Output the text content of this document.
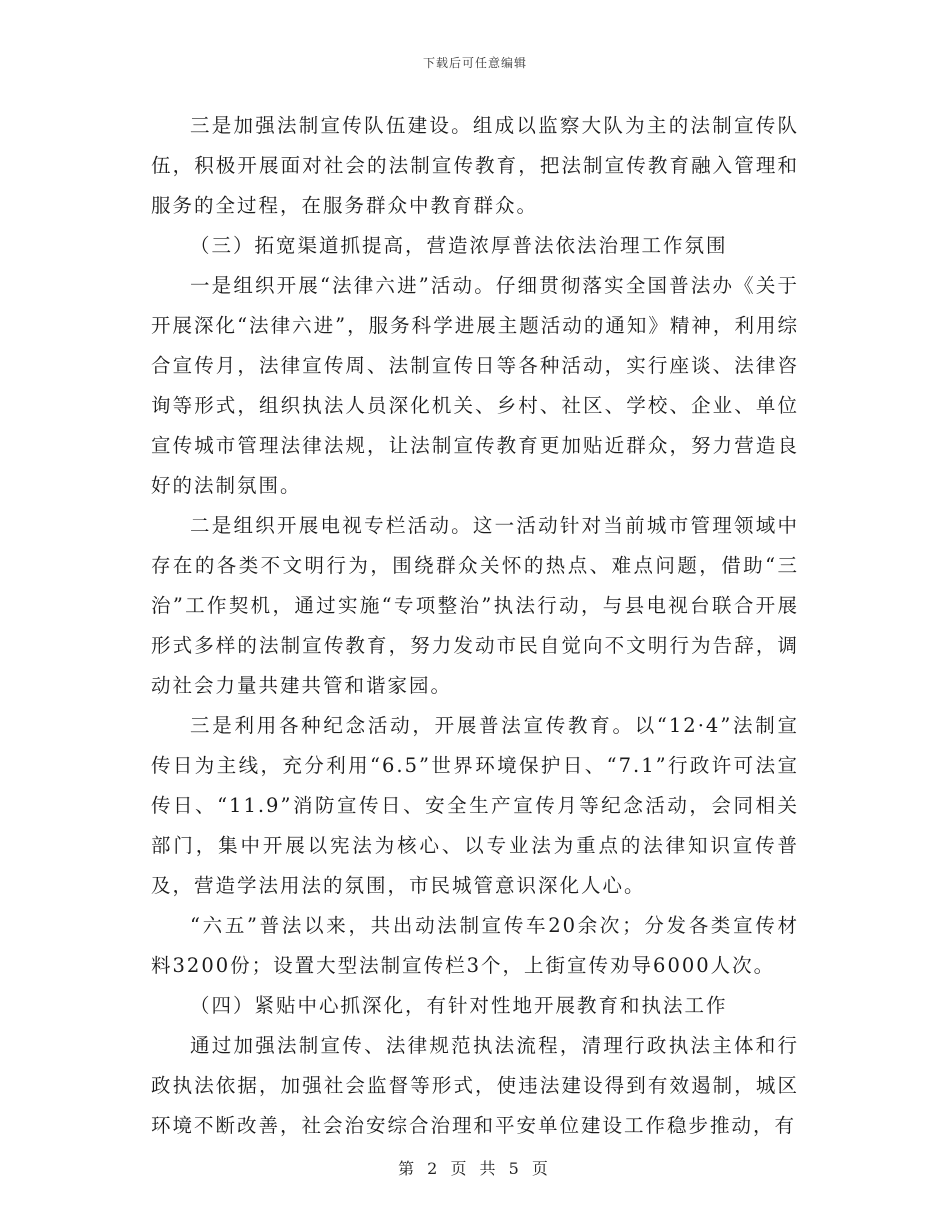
下载后可任意编辑

三是加强法制宣传队伍建设。组成以监察大队为主的法制宣传队伍，积极开展面对社会的法制宣传教育，把法制宣传教育融入管理和服务的全过程，在服务群众中教育群众。

（三）拓宽渠道抓提高，营造浓厚普法依法治理工作氛围

一是组织开展“法律六进”活动。仔细贯彻落实全国普法办《关于开展深化“法律六进”，服务科学进展主题活动的通知》精神，利用综合宣传月，法律宣传周、法制宣传日等各种活动，实行座谈、法律咨询等形式，组织执法人员深化机关、乡村、社区、学校、企业、单位宣传城市管理法律法规，让法制宣传教育更加贴近群众，努力营造良好的法制氛围。

二是组织开展电视专栏活动。这一活动针对当前城市管理领域中存在的各类不文明行为，围绕群众关怀的热点、难点问题，借助“三治”工作契机，通过实施“专项整治”执法行动，与县电视台联合开展形式多样的法制宣传教育，努力发动市民自觉向不文明行为告辞，调动社会力量共建共管和谐家园。

三是利用各种纪念活动，开展普法宣传教育。以“12·4”法制宣传日为主线，充分利用“6.5”世界环境保护日、“7.1”行政许可法宣传日、“11.9”消防宣传日、安全生产宣传月等纪念活动，会同相关部门，集中开展以宪法为核心、以专业法为重点的法律知识宣传普及，营造学法用法的氛围，市民城管意识深化人心。

“六五”普法以来，共出动法制宣传车20余次；分发各类宣传材料3200份；设置大型法制宣传栏3个，上街宣传劝导6000人次。

（四）紧贴中心抓深化，有针对性地开展教育和执法工作

通过加强法制宣传、法律规范执法流程，清理行政执法主体和行政执法依据，加强社会监督等形式，使违法建设得到有效遏制，城区环境不断改善，社会治安综合治理和平安单位建设工作稳步推动，有

第 2 页 共 5 页
